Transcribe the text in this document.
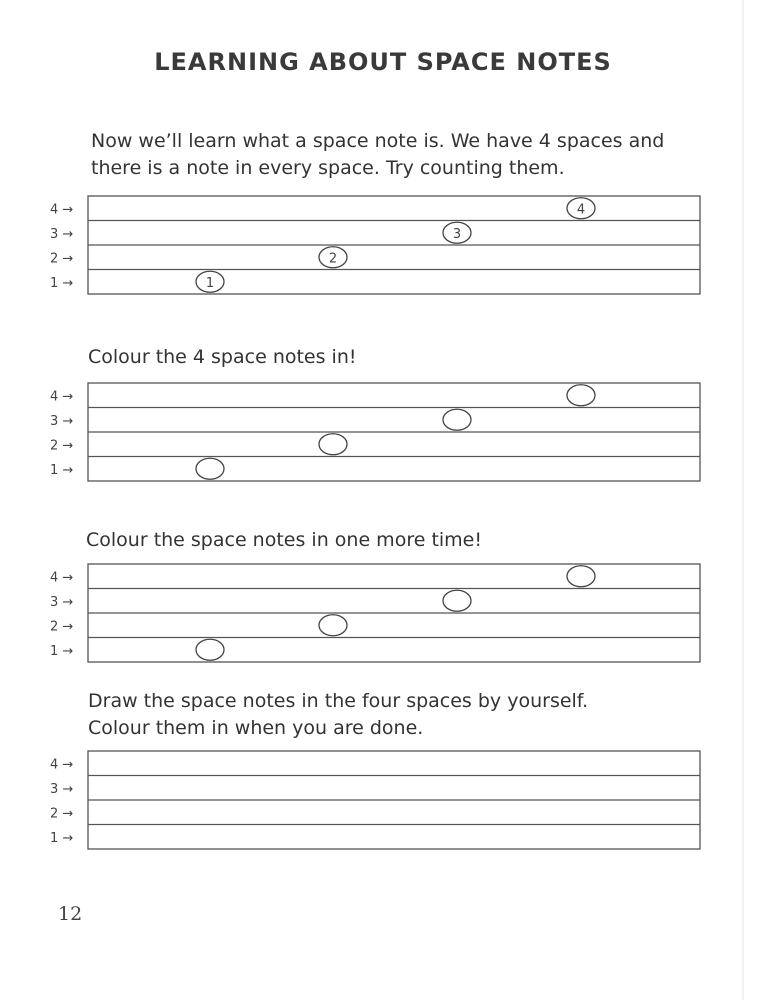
LEARNING ABOUT SPACE NOTES
Now we’ll learn what a space note is. We have 4 spaces and
there is a note in every space. Try counting them.
4 →
3 →
2 →
1 →
4
3
2
1
Colour the 4 space notes in!
4 →
3 →
2 →
1 →
Colour the space notes in one more time!
4 →
3 →
2 →
1 →
Draw the space notes in the four spaces by yourself.
Colour them in when you are done.
4 →
3 →
2 →
1 →
12
